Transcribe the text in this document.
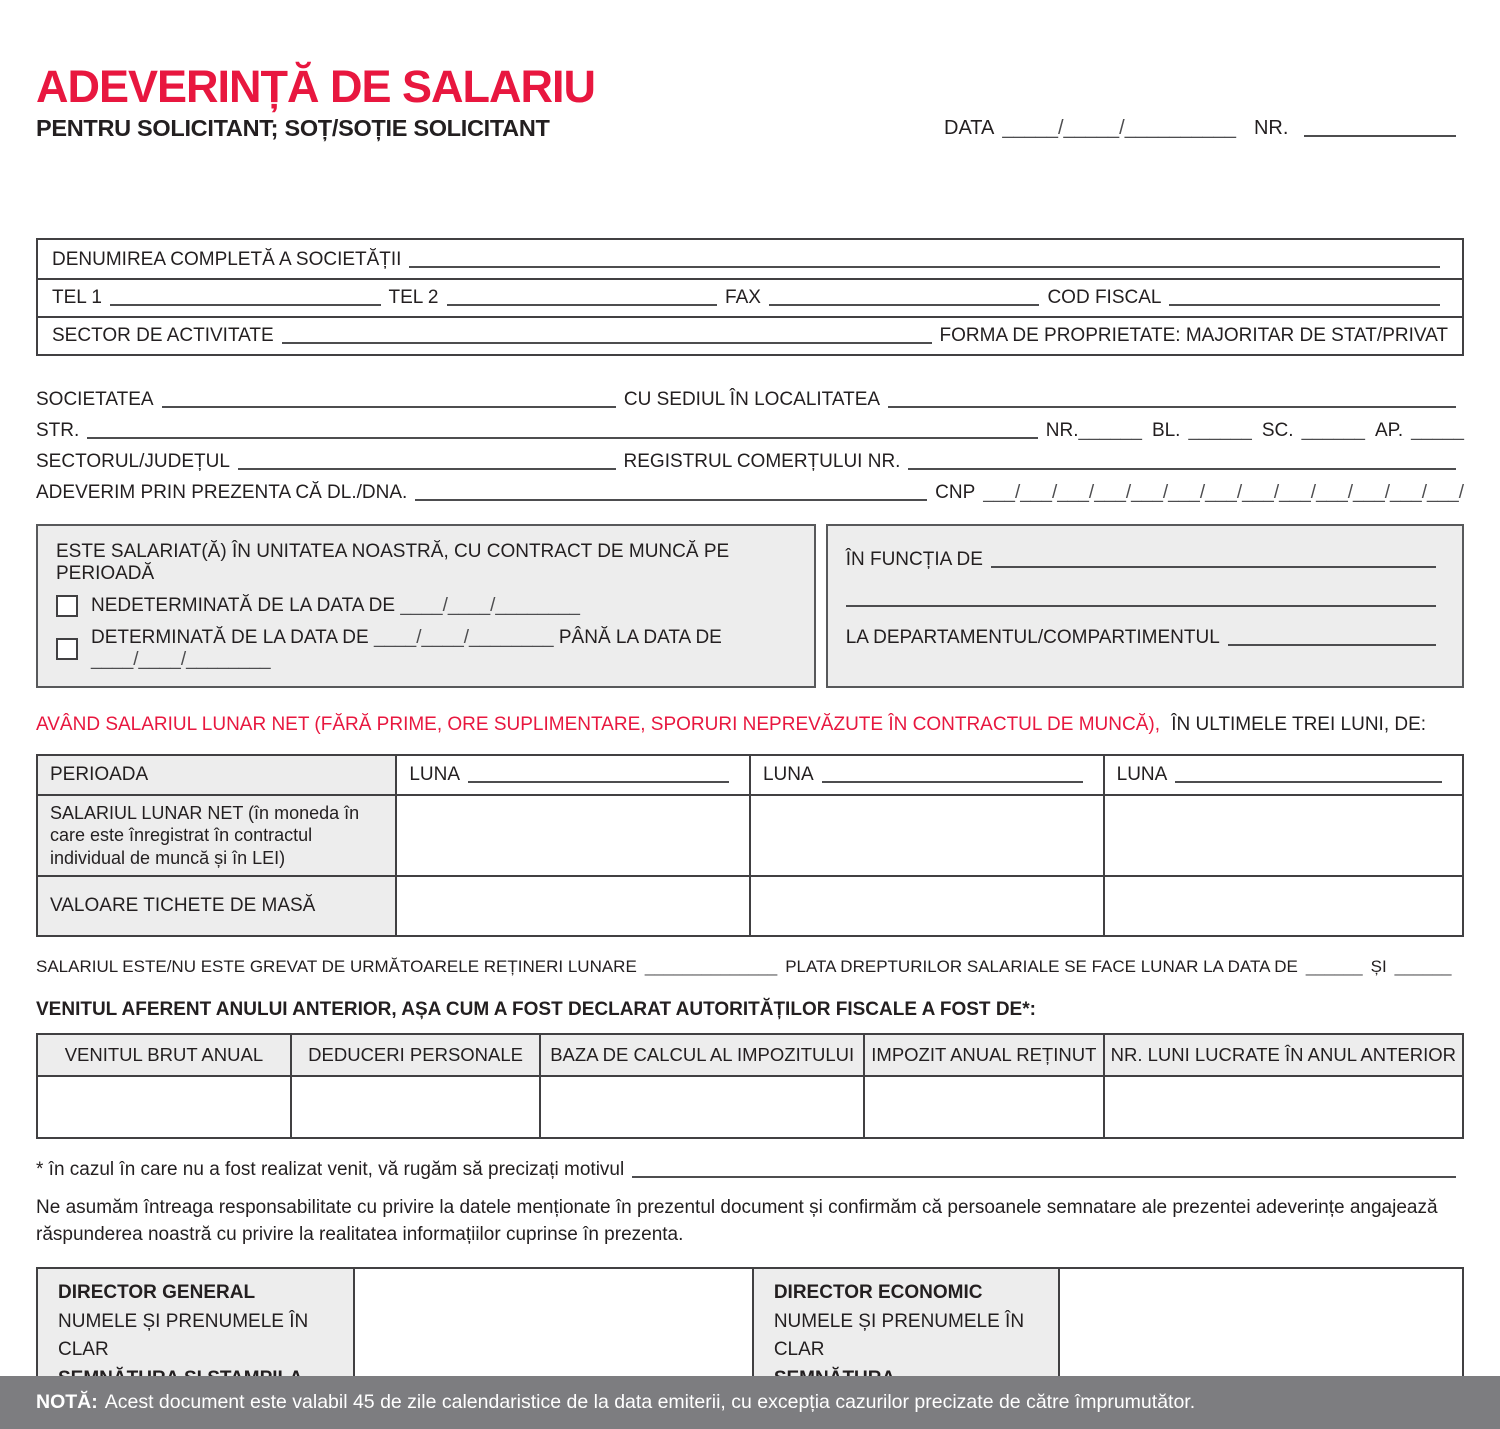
ADEVERINȚĂ DE SALARIU
PENTRU SOLICITANT; SOȚ/SOȚIE SOLICITANT	DATA _____/_____/__________ NR.
DENUMIREA COMPLETĂ A SOCIETĂȚII
TEL 1	TEL 2	FAX	COD FISCAL
SECTOR DE ACTIVITATE	FORMA DE PROPRIETATE: MAJORITAR DE STAT/PRIVAT
SOCIETATEA	CU SEDIUL ÎN LOCALITATEA
STR.	NR. ______ BL. ______ SC. ______ AP. _____
SECTORUL/JUDEȚUL	REGISTRUL COMERȚULUI NR.
ADEVERIM PRIN PREZENTA CĂ DL./DNA.	CNP ___/___/___/___/___/___/___/___/___/___/___/___/___/
ESTE SALARIAT(Ă) ÎN UNITATEA NOASTRĂ, CU CONTRACT DE MUNCĂ PE PERIOADĂ
NEDETERMINATĂ DE LA DATA DE ____/____/________
DETERMINATĂ DE LA DATA DE ____/____/________ PÂNĂ LA DATA DE ____/____/________
ÎN FUNCȚIA DE
LA DEPARTAMENTUL/COMPARTIMENTUL
AVÂND SALARIUL LUNAR NET (FĂRĂ PRIME, ORE SUPLIMENTARE, SPORURI NEPREVĂZUTE ÎN CONTRACTUL DE MUNCĂ), ÎN ULTIMELE TREI LUNI, DE:
PERIOADA	LUNA	LUNA	LUNA

SALARIUL LUNAR NET (în moneda în care este înregistrat în contractul individual de muncă și în LEI)			
VALOARE TICHETE DE MASĂ			
SALARIUL ESTE/NU ESTE GREVAT DE URMĂTOARELE REȚINERI LUNARE ______________ PLATA DREPTURILOR SALARIALE SE FACE LUNAR LA DATA DE ______ ȘI ______
VENITUL AFERENT ANULUI ANTERIOR, AȘA CUM A FOST DECLARAT AUTORITĂȚILOR FISCALE A FOST DE*:
VENITUL BRUT ANUAL	DEDUCERI PERSONALE	BAZA DE CALCUL AL IMPOZITULUI	IMPOZIT ANUAL REȚINUT	NR. LUNI LUCRATE ÎN ANUL ANTERIOR

* în cazul în care nu a fost realizat venit, vă rugăm să precizați motivul
Ne asumăm întreaga responsabilitate cu privire la datele menționate în prezentul document și confirmăm că persoanele semnatare ale prezentei adeverințe angajează răspunderea noastră cu privire la realitatea informațiilor cuprinse în prezenta.
DIRECTOR GENERAL
NUMELE ȘI PRENUMELE ÎN CLAR

DIRECTOR ECONOMIC
NUMELE ȘI PRENUMELE ÎN CLAR

NOTĂ: Acest document este valabil 45 de zile calendaristice de la data emiterii, cu excepția cazurilor precizate de către împrumutător.
